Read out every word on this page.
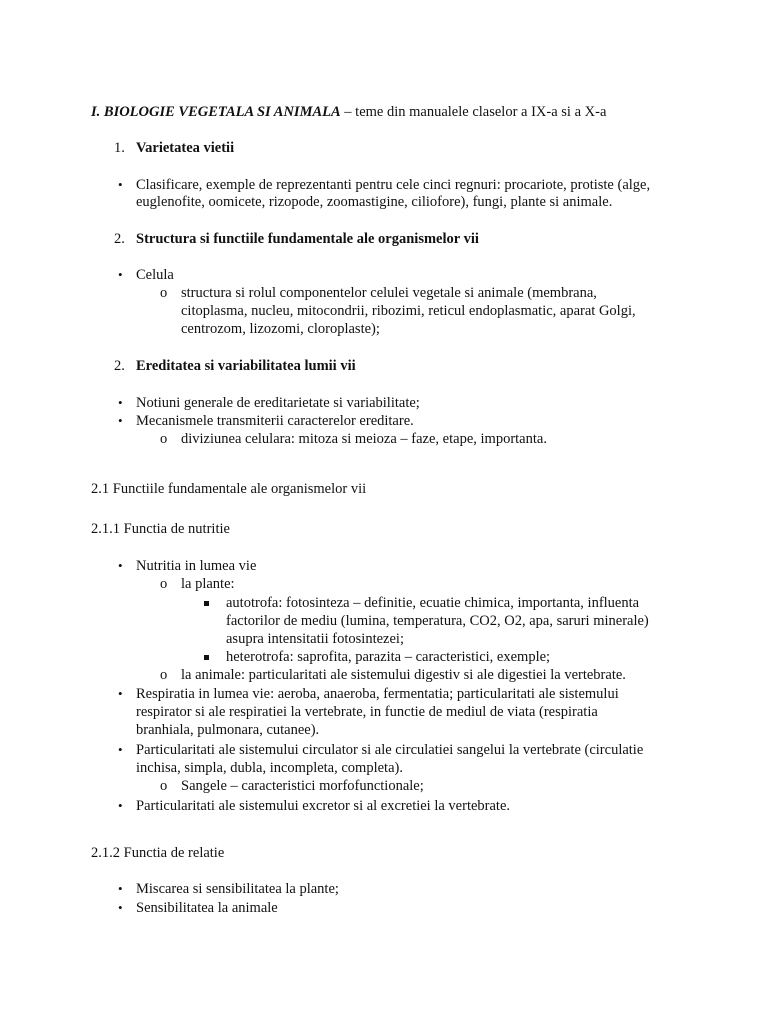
I. BIOLOGIE VEGETALA SI ANIMALA – teme din manualele claselor a IX-a si a X-a
1. Varietatea vietii
• Clasificare, exemple de reprezentanti pentru cele cinci regnuri: procariote, protiste (alge,
euglenofite, oomicete, rizopode, zoomastigine, ciliofore), fungi, plante si animale.
2. Structura si functiile fundamentale ale organismelor vii
• Celula
o structura si rolul componentelor celulei vegetale si animale (membrana,
citoplasma, nucleu, mitocondrii, ribozimi, reticul endoplasmatic, aparat Golgi,
centrozom, lizozomi, cloroplaste);
2. Ereditatea si variabilitatea lumii vii
• Notiuni generale de ereditarietate si variabilitate;
• Mecanismele transmiterii caracterelor ereditare.
o diviziunea celulara: mitoza si meioza – faze, etape, importanta.
2.1 Functiile fundamentale ale organismelor vii
2.1.1 Functia de nutritie
• Nutritia in lumea vie
o la plante:
autotrofa: fotosinteza – definitie, ecuatie chimica, importanta, influenta
factorilor de mediu (lumina, temperatura, CO2, O2, apa, saruri minerale)
asupra intensitatii fotosintezei;
heterotrofa: saprofita, parazita – caracteristici, exemple;
o la animale: particularitati ale sistemului digestiv si ale digestiei la vertebrate.
• Respiratia in lumea vie: aeroba, anaeroba, fermentatia; particularitati ale sistemului
respirator si ale respiratiei la vertebrate, in functie de mediul de viata (respiratia
branhiala, pulmonara, cutanee).
• Particularitati ale sistemului circulator si ale circulatiei sangelui la vertebrate (circulatie
inchisa, simpla, dubla, incompleta, completa).
o Sangele – caracteristici morfofunctionale;
• Particularitati ale sistemului excretor si al excretiei la vertebrate.
2.1.2 Functia de relatie
• Miscarea si sensibilitatea la plante;
• Sensibilitatea la animale
